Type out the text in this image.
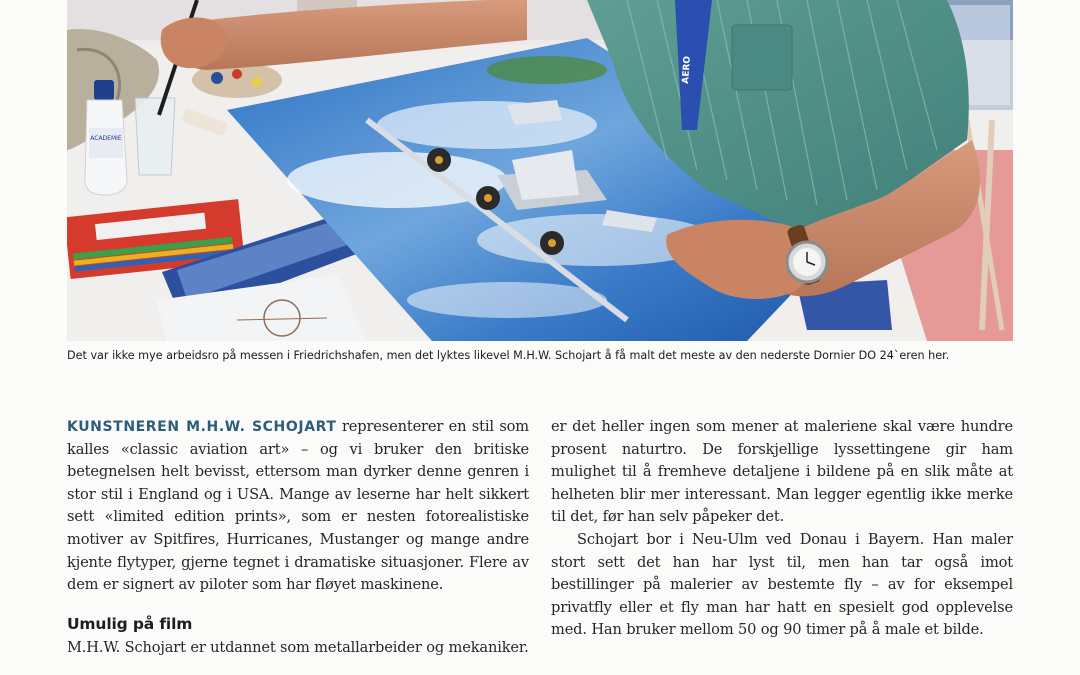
ACADEMIE
AERO
Det var ikke mye arbeidsro på messen i Friedrichshafen, men det lyktes likevel M.H.W. Schojart å få malt det meste av den nederste Dornier DO 24`eren her.

KUNSTNEREN M.H.W. SCHOJART representerer en stil som kalles «classic aviation art» – og vi bruker den britiske betegnelsen helt bevisst, ettersom man dyrker denne genren i stor stil i England og i USA. Mange av leserne har helt sikkert sett «limited edition prints», som er nesten fotorealistiske motiver av Spitfires, Hurricanes, Mustanger og mange andre kjente flytyper, gjerne tegnet i dramatiske situasjoner. Flere av dem er signert av piloter som har fløyet maskinene.

Umulig på film

M.H.W. Schojart er utdannet som metallarbeider og mekaniker.

er det heller ingen som mener at maleriene skal være hundre prosent naturtro. De forskjellige lyssettingene gir ham mulighet til å fremheve detaljene i bildene på en slik måte at helheten blir mer interessant. Man legger egentlig ikke merke til det, før han selv påpeker det.

Schojart bor i Neu-Ulm ved Donau i Bayern. Han maler stort sett det han har lyst til, men han tar også imot bestillinger på malerier av bestemte fly – av for eksempel privatfly eller et fly man har hatt en spesielt god opplevelse med. Han bruker mellom 50 og 90 timer på å male et bilde.
